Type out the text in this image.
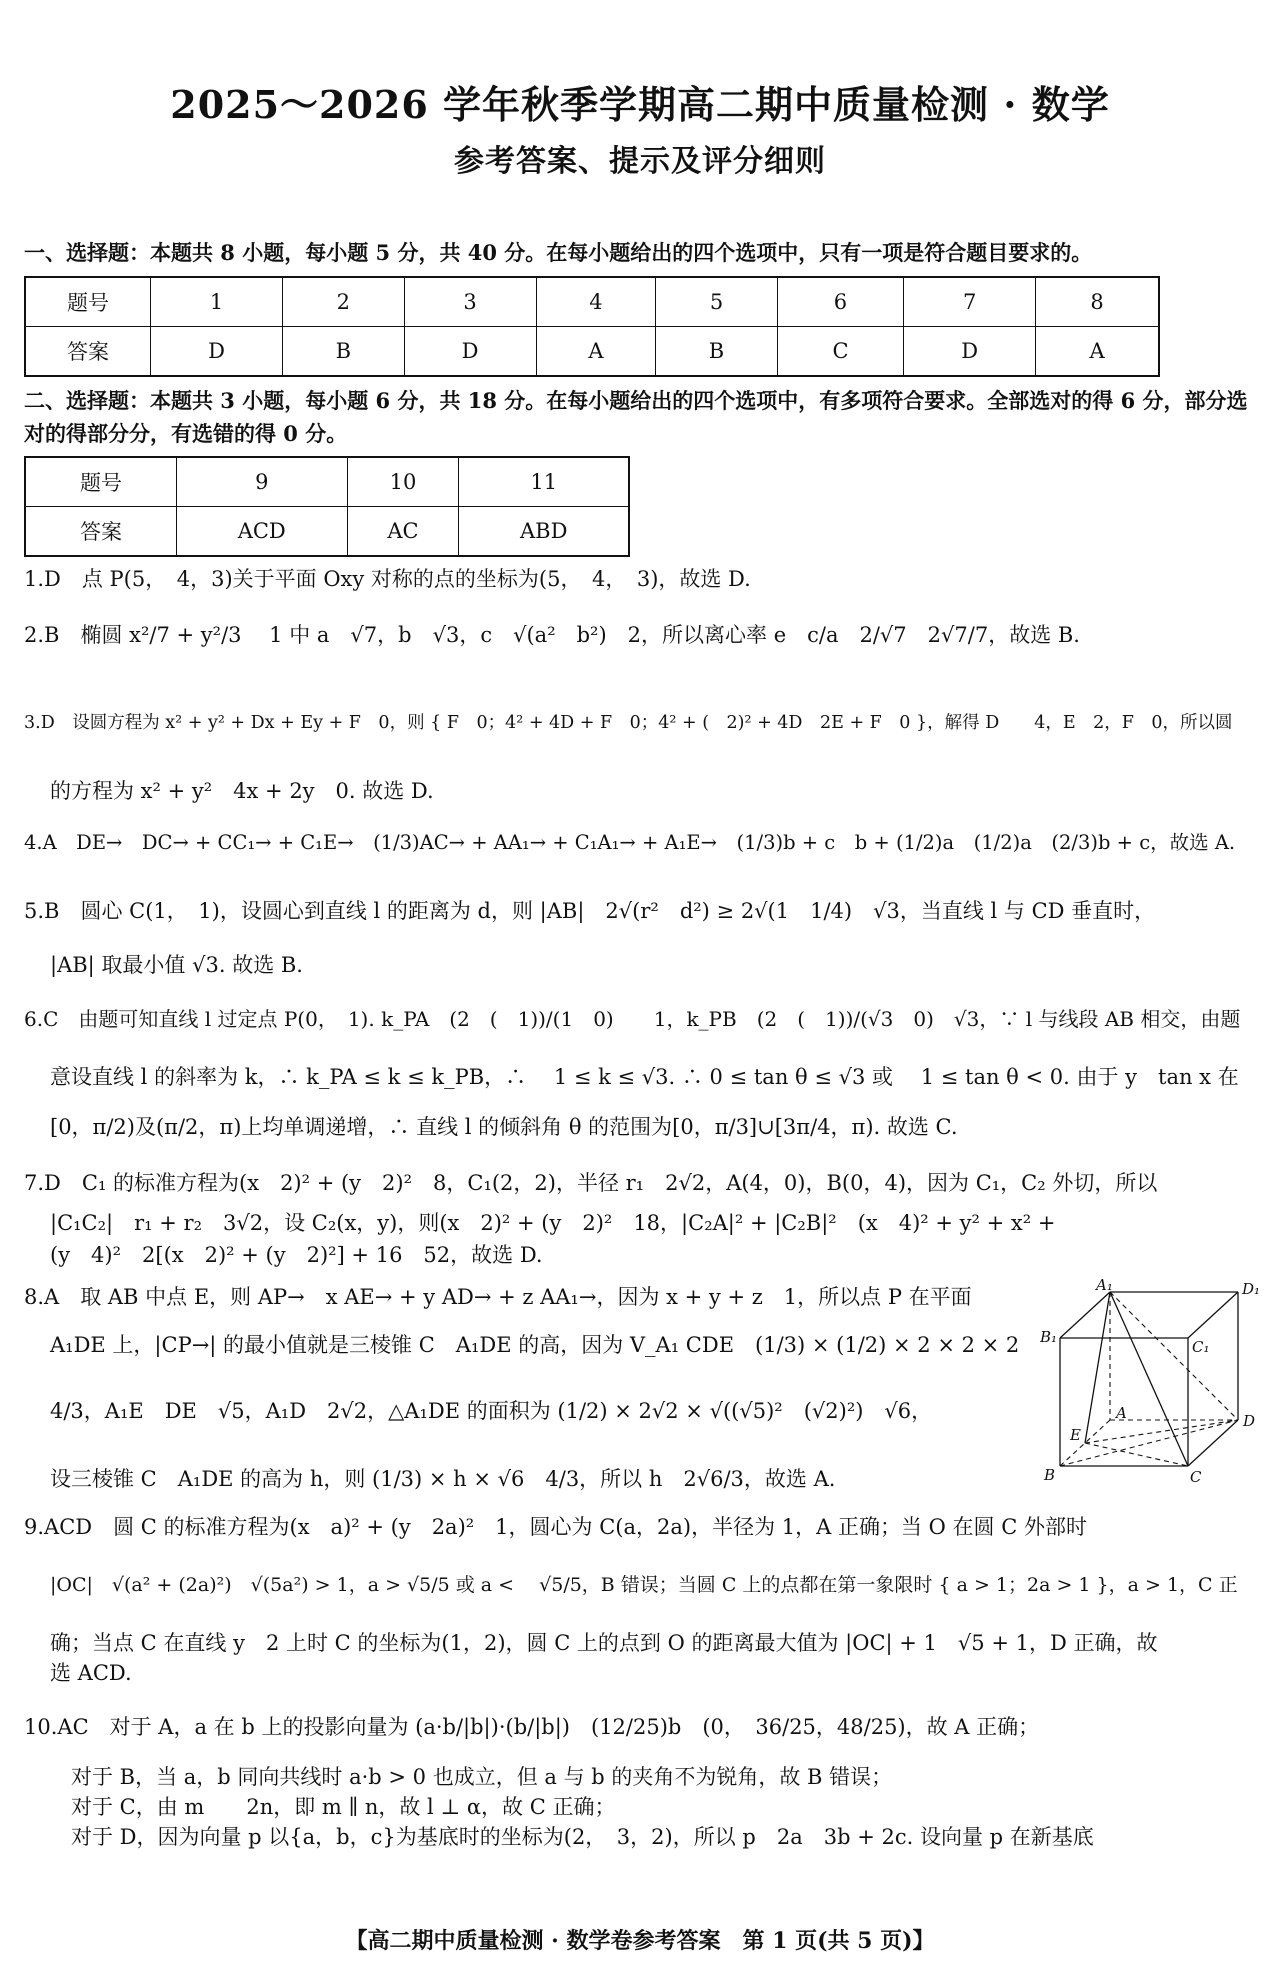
2025～2026 学年秋季学期高二期中质量检测 · 数学
参考答案、提示及评分细则
一、选择题：本题共 8 小题，每小题 5 分，共 40 分。在每小题给出的四个选项中，只有一项是符合题目要求的。
题号	1	2	3	4	5	6	7	8
答案	D	B	D	A	B	C	D	A
二、选择题：本题共 3 小题，每小题 6 分，共 18 分。在每小题给出的四个选项中，有多项符合要求。全部选对的得 6 分，部分选对的得部分分，有选错的得 0 分。
题号	9	10	11
答案	ACD	AC	ABD
1.D　点 P(5，　4，3)关于平面 Oxy 对称的点的坐标为(5，　4，　3)，故选 D.
2.B　椭圆 x²/7 + y²/3 　1 中 a　√7，b　√3，c　√(a²　b²)　2，所以离心率 e　c/a　2/√7　2√7/7，故选 B.
3.D　设圆方程为 x² + y² + Dx + Ey + F　0，则 { F　0；4² + 4D + F　0；4² + (　2)² + 4D　2E + F　0 }，解得 D　　4，E　2，F　0，所以圆
的方程为 x² + y²　4x + 2y　0. 故选 D.
4.A　DE→　DC→ + CC₁→ + C₁E→　(1/3)AC→ + AA₁→ + C₁A₁→ + A₁E→　(1/3)b + c　b + (1/2)a　(1/2)a　(2/3)b + c，故选 A.
5.B　圆心 C(1，　1)，设圆心到直线 l 的距离为 d，则 |AB|　2√(r²　d²) ≥ 2√(1　1/4)　√3，当直线 l 与 CD 垂直时，
|AB| 取最小值 √3. 故选 B.
6.C　由题可知直线 l 过定点 P(0，　1). k_PA　(2　(　1))/(1　0)　　1，k_PB　(2　(　1))/(√3　0)　√3，∵ l 与线段 AB 相交，由题
意设直线 l 的斜率为 k，∴ k_PA ≤ k ≤ k_PB，∴ 　1 ≤ k ≤ √3. ∴ 0 ≤ tan θ ≤ √3 或 　1 ≤ tan θ < 0. 由于 y　tan x 在
[0，π/2)及(π/2，π)上均单调递增，∴ 直线 l 的倾斜角 θ 的范围为[0，π/3]∪[3π/4，π). 故选 C.
7.D　C₁ 的标准方程为(x　2)² + (y　2)²　8，C₁(2，2)，半径 r₁　2√2，A(4，0)，B(0，4)，因为 C₁，C₂ 外切，所以
|C₁C₂|　r₁ + r₂　3√2，设 C₂(x，y)，则(x　2)² + (y　2)²　18，|C₂A|² + |C₂B|²　(x　4)² + y² + x² +
(y　4)²　2[(x　2)² + (y　2)²] + 16　52，故选 D.
8.A　取 AB 中点 E，则 AP→　x AE→ + y AD→ + z AA₁→，因为 x + y + z　1，所以点 P 在平面
A₁DE 上，|CP→| 的最小值就是三棱锥 C　A₁DE 的高，因为 V_A₁ CDE　(1/3) × (1/2) × 2 × 2 × 2
4/3，A₁E　DE　√5，A₁D　2√2，△A₁DE 的面积为 (1/2) × 2√2 × √((√5)²　(√2)²)　√6，
设三棱锥 C　A₁DE 的高为 h，则 (1/3) × h × √6　4/3，所以 h　2√6/3，故选 A.
9.ACD　圆 C 的标准方程为(x　a)² + (y　2a)²　1，圆心为 C(a，2a)，半径为 1，A 正确；当 O 在圆 C 外部时
|OC|　√(a² + (2a)²)　√(5a²) > 1，a > √5/5 或 a < 　√5/5，B 错误；当圆 C 上的点都在第一象限时 { a > 1；2a > 1 }，a > 1，C 正
确；当点 C 在直线 y　2 上时 C 的坐标为(1，2)，圆 C 上的点到 O 的距离最大值为 |OC| + 1　√5 + 1，D 正确，故
选 ACD.
10.AC　对于 A，a 在 b 上的投影向量为 (a·b/|b|)·(b/|b|)　(12/25)b　(0，　36/25，48/25)，故 A 正确；
　对于 B，当 a，b 同向共线时 a·b > 0 也成立，但 a 与 b 的夹角不为锐角，故 B 错误；
　对于 C，由 m　　2n，即 m ∥ n，故 l ⊥ α，故 C 正确；
　对于 D，因为向量 p 以{a，b，c}为基底时的坐标为(2，　3，2)，所以 p　2a　3b + 2c. 设向量 p 在新基底
A₁	D₁
B₁
C₁
A	D
E
B	C
【高二期中质量检测 · 数学卷参考答案　第 1 页(共 5 页)】
